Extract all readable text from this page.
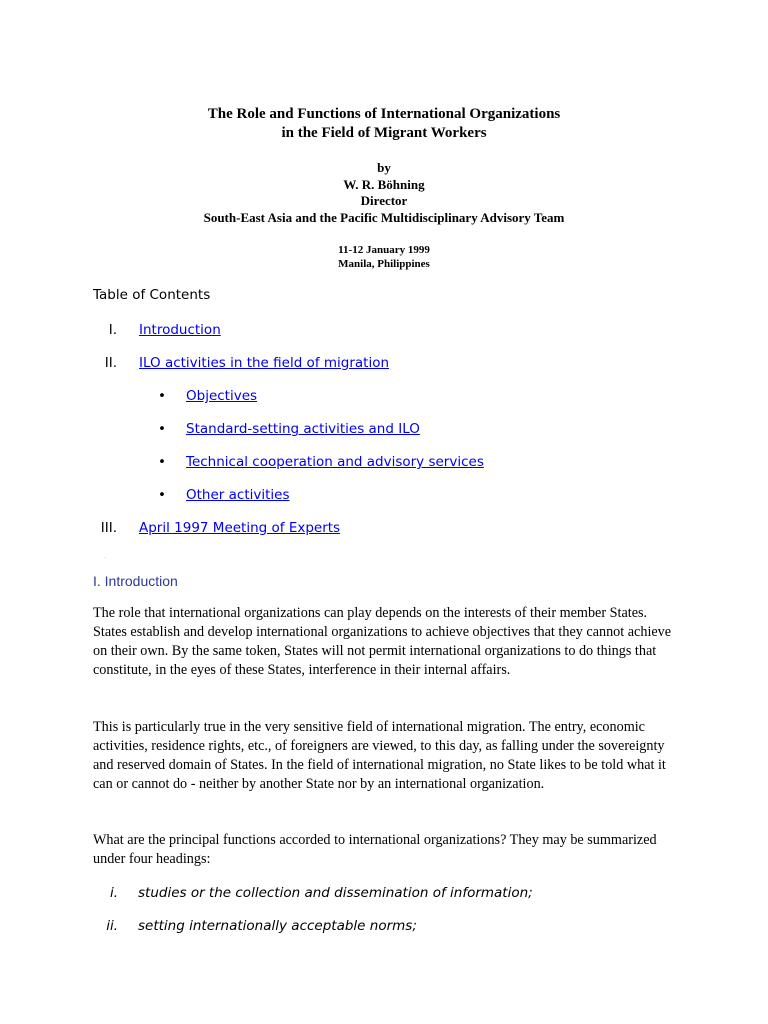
The Role and Functions of International Organizations
in the Field of Migrant Workers

by
W. R. Böhning
Director
South-East Asia and the Pacific Multidisciplinary Advisory Team
11-12 January 1999
Manila, Philippines
Table of Contents
I. Introduction
II. ILO activities in the field of migration
• Objectives
• Standard-setting activities and ILO
• Technical cooperation and advisory services
• Other activities
III. April 1997 Meeting of Experts
.
I. Introduction

The role that international organizations can play depends on the interests of their member States. States establish and develop international organizations to achieve objectives that they cannot achieve on their own. By the same token, States will not permit international organizations to do things that constitute, in the eyes of these States, interference in their internal affairs.

This is particularly true in the very sensitive field of international migration. The entry, economic activities, residence rights, etc., of foreigners are viewed, to this day, as falling under the sovereignty and reserved domain of States. In the field of international migration, no State likes to be told what it can or cannot do - neither by another State nor by an international organization.

What are the principal functions accorded to international organizations? They may be summarized under four headings:

i. studies or the collection and dissemination of information;
ii. setting internationally acceptable norms;
